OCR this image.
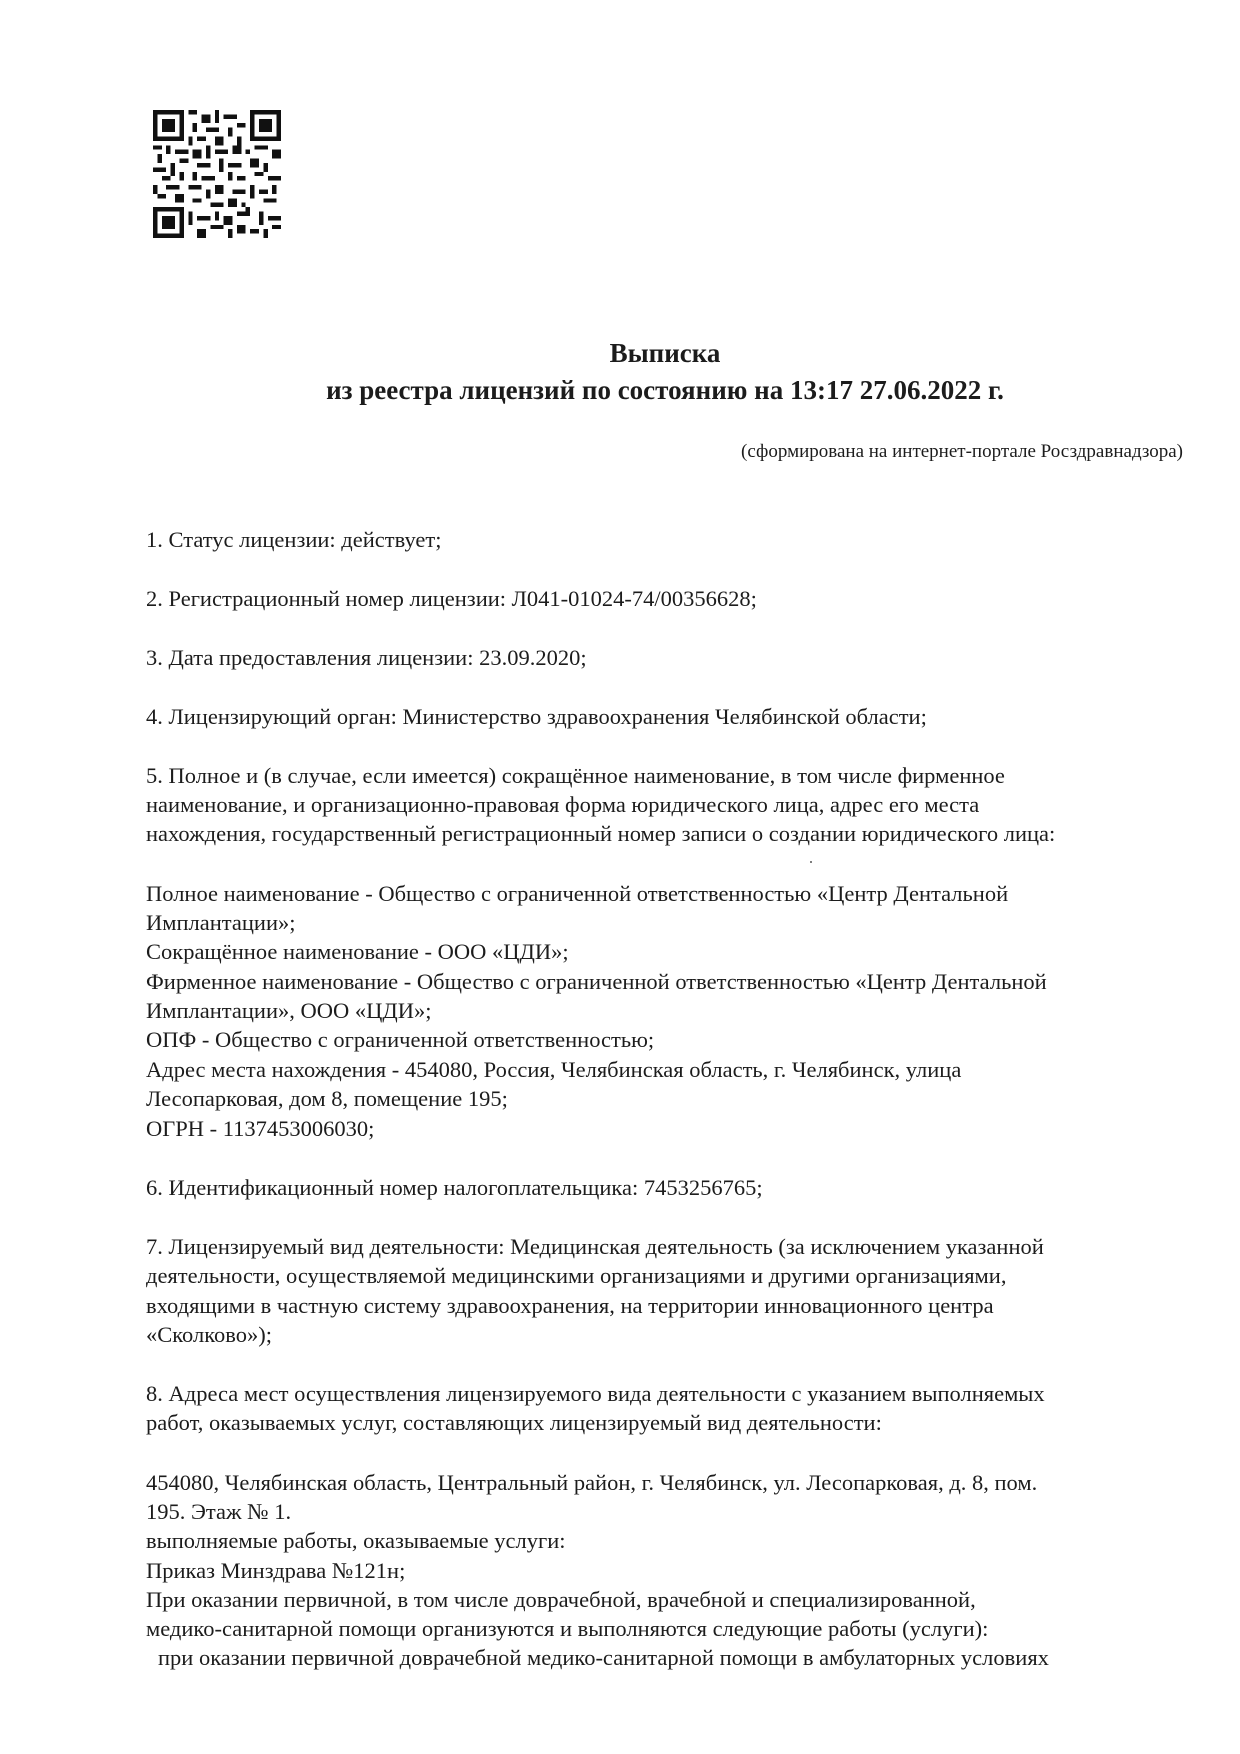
Выписка
из реестра лицензий по состоянию на 13:17 27.06.2022 г.
(сформирована на интернет-портале Росздравнадзора)
1. Статус лицензии: действует;
2. Регистрационный номер лицензии: Л041-01024-74/00356628;
3. Дата предоставления лицензии: 23.09.2020;
4. Лицензирующий орган: Министерство здравоохранения Челябинской области;
5. Полное и (в случае, если имеется) сокращённое наименование, в том числе фирменное
наименование, и организационно-правовая форма юридического лица, адрес его места
нахождения, государственный регистрационный номер записи о создании юридического лица:
Полное наименование - Общество с ограниченной ответственностью «Центр Дентальной
Имплантации»;
Сокращённое наименование - ООО «ЦДИ»;
Фирменное наименование - Общество с ограниченной ответственностью «Центр Дентальной
Имплантации», ООО «ЦДИ»;
ОПФ - Общество с ограниченной ответственностью;
Адрес места нахождения - 454080, Россия, Челябинская область, г. Челябинск, улица
Лесопарковая, дом 8, помещение 195;
ОГРН - 1137453006030;
6. Идентификационный номер налогоплательщика: 7453256765;
7. Лицензируемый вид деятельности: Медицинская деятельность (за исключением указанной
деятельности, осуществляемой медицинскими организациями и другими организациями,
входящими в частную систему здравоохранения, на территории инновационного центра
«Сколково»);
8. Адреса мест осуществления лицензируемого вида деятельности с указанием выполняемых
работ, оказываемых услуг, составляющих лицензируемый вид деятельности:
454080, Челябинская область, Центральный район, г. Челябинск, ул. Лесопарковая, д. 8, пом.
195. Этаж № 1.
выполняемые работы, оказываемые услуги:
Приказ Минздрава №121н;
При оказании первичной, в том числе доврачебной, врачебной и специализированной,
медико-санитарной помощи организуются и выполняются следующие работы (услуги):
при оказании первичной доврачебной медико-санитарной помощи в амбулаторных условиях
